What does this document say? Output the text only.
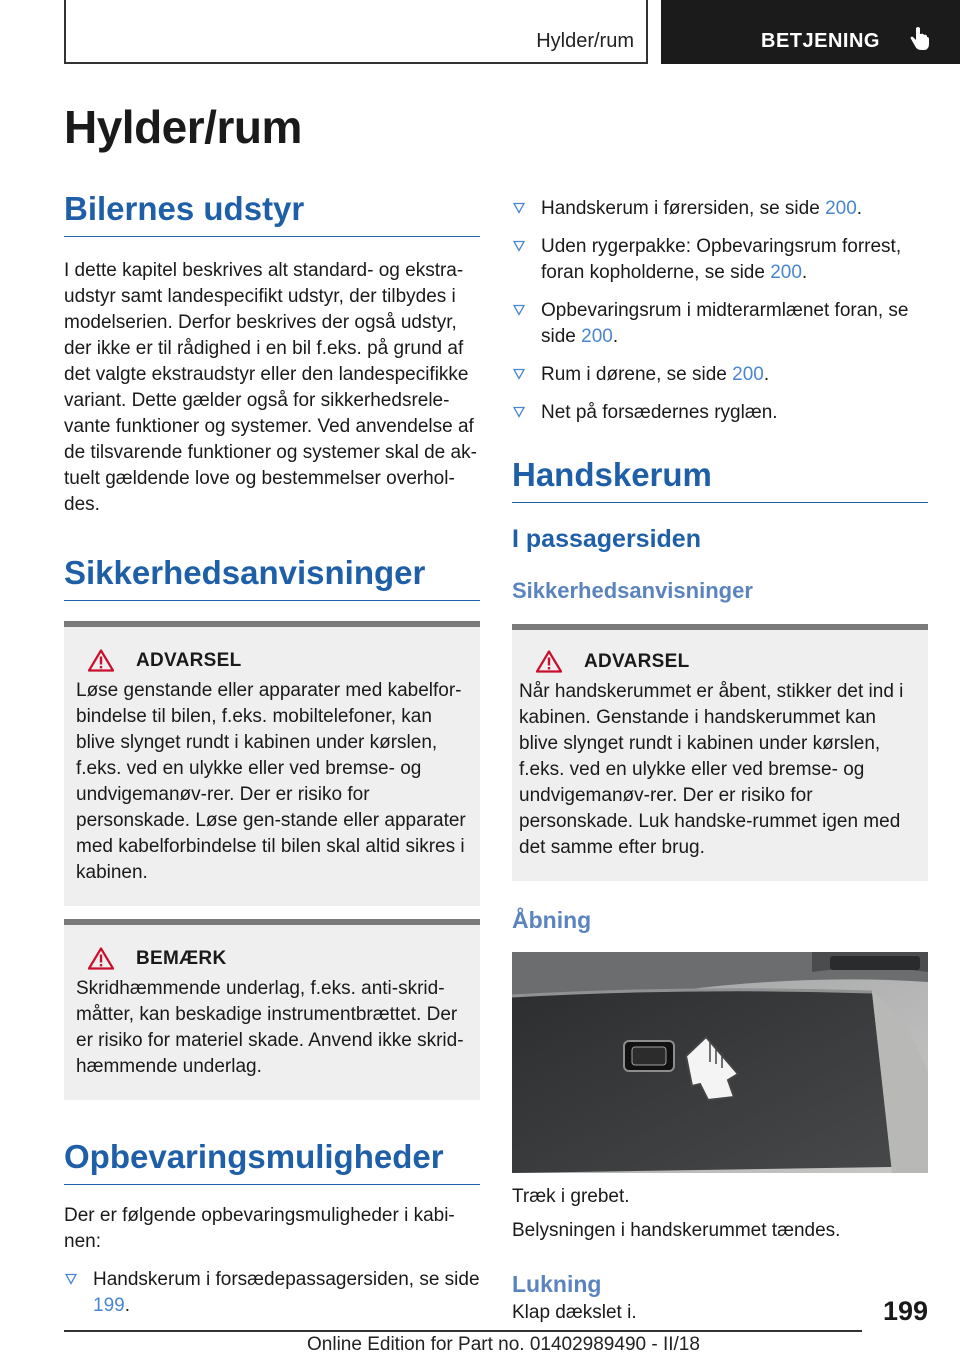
Hylder/rum	BETJENING
Hylder/rum
Bilernes udstyr

I dette kapitel beskrives alt standard- og ekstra-udstyr samt landespecifikt udstyr, der tilbydes i modelserien. Derfor beskrives der også udstyr, der ikke er til rådighed i en bil f.eks. på grund af det valgte ekstraudstyr eller den landespecifikke variant. Dette gælder også for sikkerhedsrele-vante funktioner og systemer. Ved anvendelse af de tilsvarende funktioner og systemer skal de ak-tuelt gældende love og bestemmelser overhol-des.

Sikkerhedsanvisninger
ADVARSEL
Løse genstande eller apparater med kabelfor-bindelse til bilen, f.eks. mobiltelefoner, kan blive slynget rundt i kabinen under kørslen, f.eks. ved en ulykke eller ved bremse- og undvigemanøv-rer. Der er risiko for personskade. Løse gen-stande eller apparater med kabelforbindelse til bilen skal altid sikres i kabinen.
BEMÆRK
Skridhæmmende underlag, f.eks. anti-skrid-måtter, kan beskadige instrumentbrættet. Der er risiko for materiel skade. Anvend ikke skrid-hæmmende underlag.
Opbevaringsmuligheder

Der er følgende opbevaringsmuligheder i kabi-nen:

Handskerum i forsædepassagersiden, se side 199.
Handskerum i førersiden, se side 200.
Uden rygerpakke: Opbevaringsrum forrest, foran kopholderne, se side 200.
Opbevaringsrum i midterarmlænet foran, se side 200.
Rum i dørene, se side 200.
Net på forsædernes ryglæn.
Handskerum
I passagersiden
Sikkerhedsanvisninger
ADVARSEL
Når handskerummet er åbent, stikker det ind i kabinen. Genstande i handskerummet kan blive slynget rundt i kabinen under kørslen, f.eks. ved en ulykke eller ved bremse- og undvigemanøv-rer. Der er risiko for personskade. Luk handske-rummet igen med det samme efter brug.
Åbning

Træk i grebet.

Belysningen i handskerummet tændes.

Lukning

Klap dækslet i.	199
Online Edition for Part no. 01402989490 - II/18
